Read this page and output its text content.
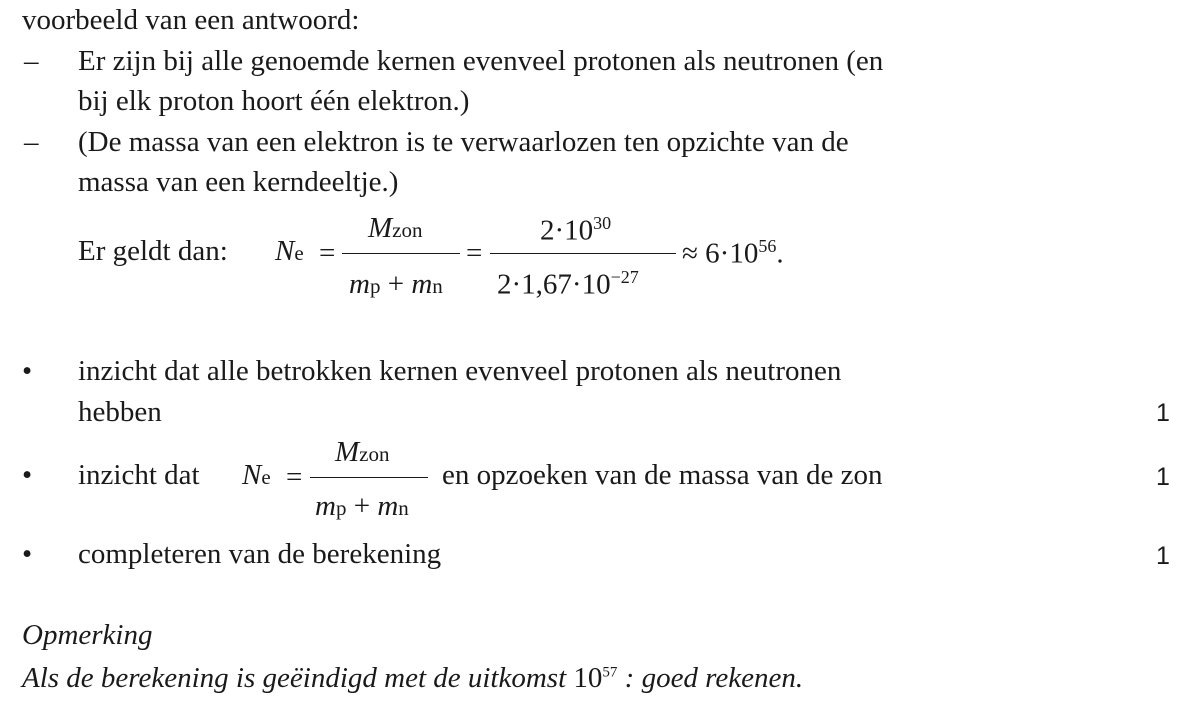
voorbeeld van een antwoord:
– Er zijn bij alle genoemde kernen evenveel protonen als neutronen (en
bij elk proton hoort één elektron.)
– (De massa van een elektron is te verwaarlozen ten opzichte van de
massa van een kerndeeltje.)
Er geldt dan: Ne =
Mzon
mp + mn
=
$2\cdot 10^{30}$
$2\cdot 1,67\cdot 10^{-27}$
≈ $6\cdot 10^{56}$.
• inzicht dat alle betrokken kernen evenveel protonen als neutronen
hebben	1
• inzicht dat Ne =
Mzon
mp + mn
en opzoeken van de massa van de zon	1
• completeren van de berekening	1
Opmerking
Als de berekening is geëindigd met de uitkomst $10^{57}$ : goed rekenen.
